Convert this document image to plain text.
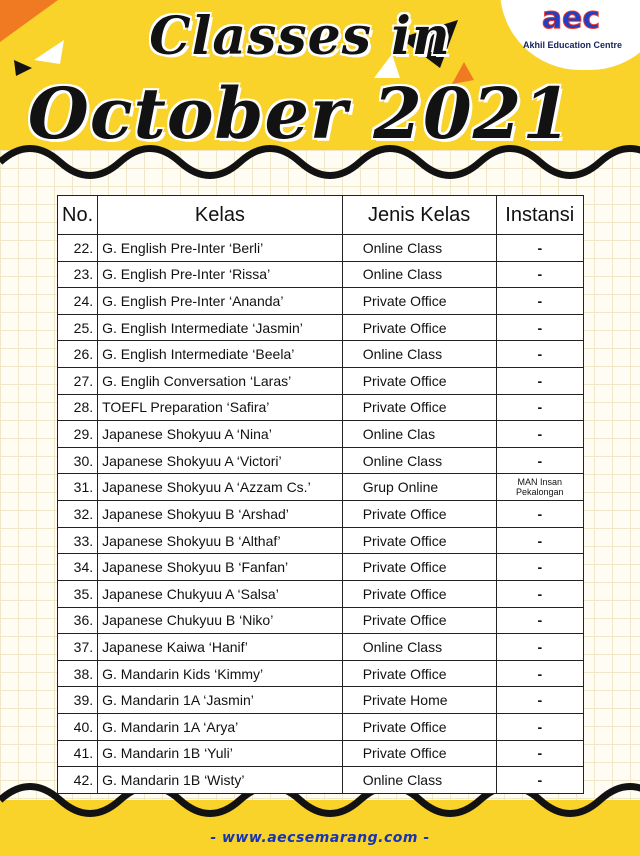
aec
Akhil Education Centre
Classes in
October 2021
No.	Kelas	Jenis Kelas	Instansi
22.	G. English Pre-Inter ‘Berli’	Online Class	-
23.	G. English Pre-Inter ‘Rissa’	Online Class	-
24.	G. English Pre-Inter ‘Ananda’	Private Office	-
25.	G. English Intermediate ‘Jasmin’	Private Office	-
26.	G. English Intermediate ‘Beela’	Online Class	-
27.	G. Englih Conversation ‘Laras’	Private Office	-
28.	TOEFL Preparation ‘Safira’	Private Office	-
29.	Japanese Shokyuu A ‘Nina’	Online Clas	-
30.	Japanese Shokyuu A ‘Victori’	Online Class	-
31.	Japanese Shokyuu A ‘Azzam Cs.’	Grup Online	MAN Insan Pekalongan
32.	Japanese Shokyuu B ‘Arshad’	Private Office	-
33.	Japanese Shokyuu B ‘Althaf’	Private Office	-
34.	Japanese Shokyuu B ‘Fanfan’	Private Office	-
35.	Japanese Chukyuu A ‘Salsa’	Private Office	-
36.	Japanese Chukyuu B ‘Niko’	Private Office	-
37.	Japanese Kaiwa ‘Hanif’	Online Class	-
38.	G. Mandarin Kids ‘Kimmy’	Private Office	-
39.	G. Mandarin 1A ‘Jasmin’	Private Home	-
40.	G. Mandarin 1A ‘Arya’	Private Office	-
41.	G. Mandarin 1B ‘Yuli’	Private Office	-
42.	G. Mandarin 1B ‘Wisty’	Online Class	-
- www.aecsemarang.com -
